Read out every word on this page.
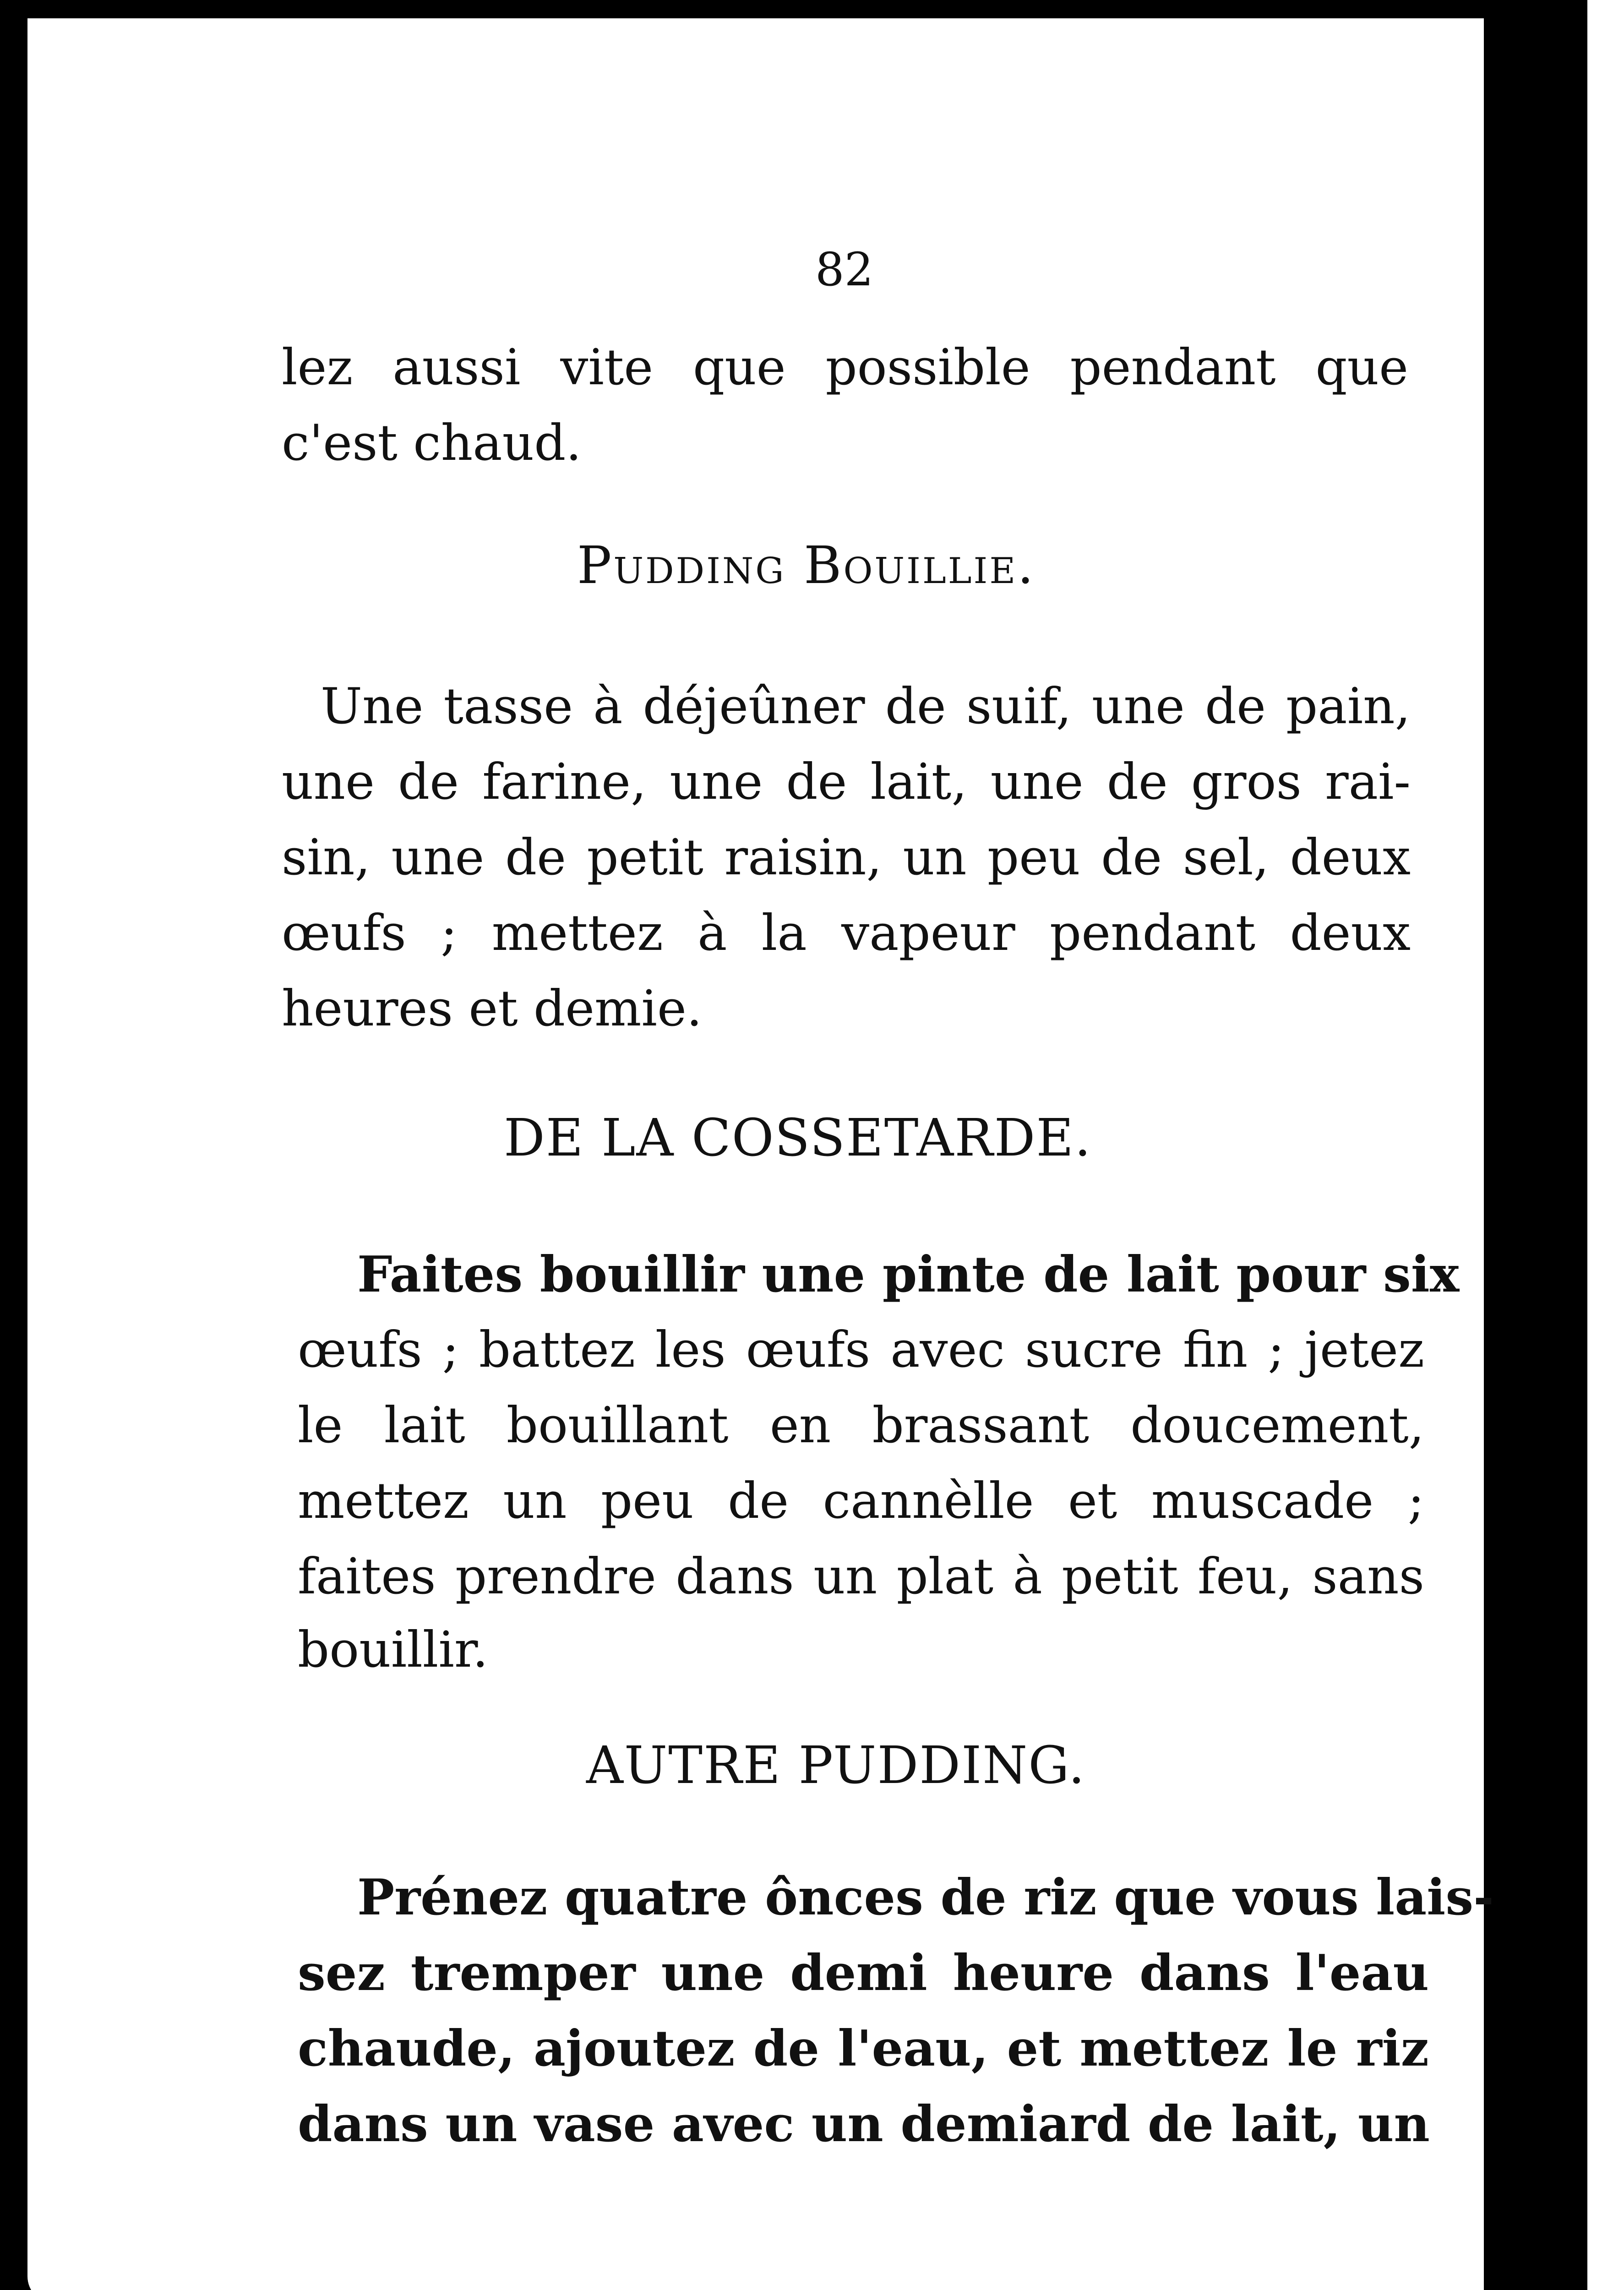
82
lez aussi vite que possible pendant que
c'est chaud.
Pudding Bouillie.
Une tasse à déjeûner de suif, une de pain,
une de farine, une de lait, une de gros rai-
sin, une de petit raisin, un peu de sel, deux
œufs ; mettez à la vapeur pendant deux
heures et demie.
DE LA COSSETARDE.
Faites bouillir une pinte de lait pour six
œufs ; battez les œufs avec sucre fin ; jetez
le lait bouillant en brassant doucement,
mettez un peu de cannèlle et muscade ;
faites prendre dans un plat à petit feu, sans
bouillir.
AUTRE PUDDING.
Prénez quatre ônces de riz que vous lais-
sez tremper une demi heure dans l'eau
chaude, ajoutez de l'eau, et mettez le riz
dans un vase avec un demiard de lait, un
